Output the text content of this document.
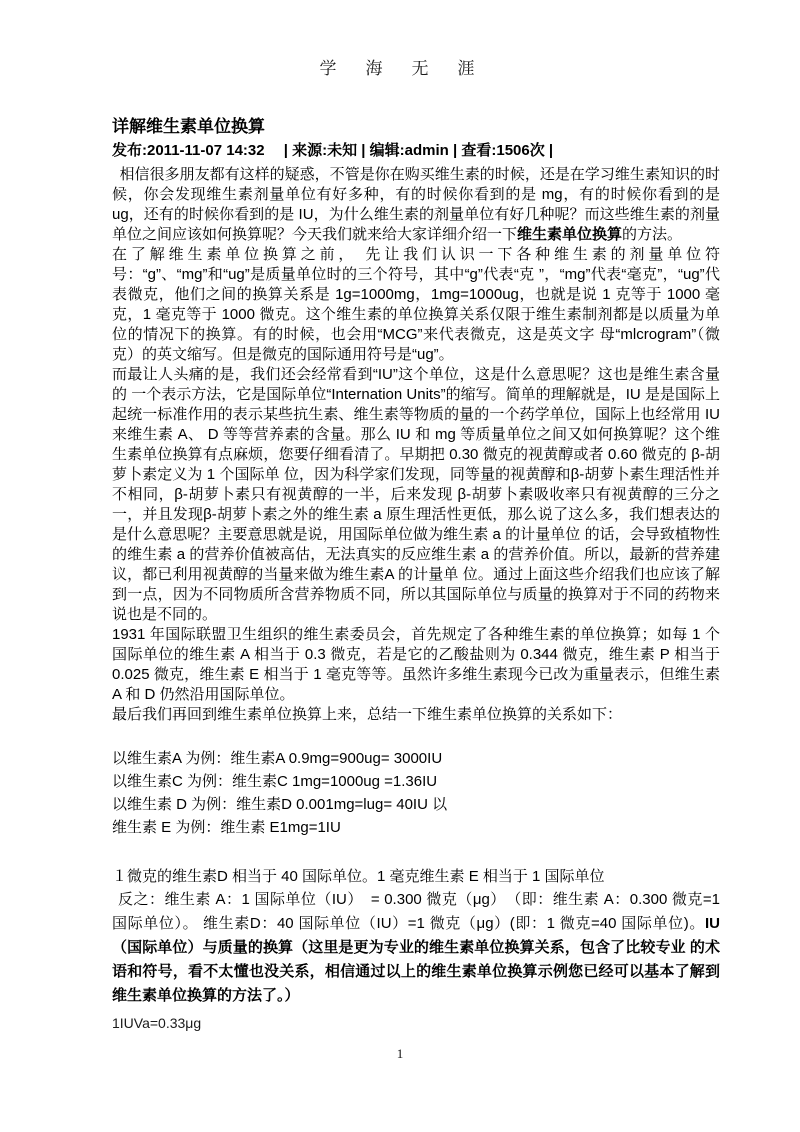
学　海　无　涯

详解维生素单位换算

发布:2011-11-07 14:32　 | 来源:未知 | 编辑:admin | 查看:1506次 |

相信很多朋友都有这样的疑惑，不管是你在购买维生素的时候，还是在学习维生素知识的时候，你会发现维生素剂量单位有好多种，有的时候你看到的是 mg，有的时候你看到的是ug，还有的时候你看到的是 IU，为什么维生素的剂量单位有好几种呢？而这些维生素的剂量单位之间应该如何换算呢？今天我们就来给大家详细介绍一下维生素单位换算的方法。

在了解维生素单位换算之前， 先让我们认识一下各种维生素的剂量单位符号：“g”、“mg”和“ug”是质量单位时的三个符号，其中“g”代表“克 ”，“mg”代表“毫克”，“ug”代表微克，他们之间的换算关系是 1g=1000mg，1mg=1000ug，也就是说 1 克等于 1000 毫克，1 毫克等于 1000 微克。这个维生素的单位换算关系仅限于维生素制剂都是以质量为单位的情况下的换算。有的时候，也会用“MCG”来代表微克，这是英文字 母“mlcrogram”（微克）的英文缩写。但是微克的国际通用符号是“ug”。

而最让人头痛的是，我们还会经常看到“IU”这个单位，这是什么意思呢？这也是维生素含量的 一个表示方法，它是国际单位“Internation Units”的缩写。简单的理解就是，IU 是是国际上起统一标准作用的表示某些抗生素、维生素等物质的量的一个药学单位，国际上也经常用 IU 来维生素 A、 D 等等营养素的含量。那么 IU 和 mg 等质量单位之间又如何换算呢？这个维生素单位换算有点麻烦，您要仔细看清了。早期把 0.30 微克的视黄醇或者 0.60 微克的 β-胡萝卜素定义为 1 个国际单 位，因为科学家们发现，同等量的视黄醇和β-胡萝卜素生理活性并不相同，β-胡萝卜素只有视黄醇的一半，后来发现 β-胡萝卜素吸收率只有视黄醇的三分之 一，并且发现β-胡萝卜素之外的维生素 a 原生理活性更低，那么说了这么多，我们想表达的是什么意思呢？主要意思就是说，用国际单位做为维生素 a 的计量单位 的话，会导致植物性的维生素 a 的营养价值被高估，无法真实的反应维生素 a 的营养价值。所以，最新的营养建议，都已利用视黄醇的当量来做为维生素A 的计量单 位。通过上面这些介绍我们也应该了解到一点，因为不同物质所含营养物质不同，所以其国际单位与质量的换算对于不同的药物来说也是不同的。

1931 年国际联盟卫生组织的维生素委员会，首先规定了各种维生素的单位换算；如每 1 个国际单位的维生素 A 相当于 0.3 微克，若是它的乙酸盐则为 0.344 微克，维生素 P 相当于 0.025 微克，维生素 E 相当于 1 毫克等等。虽然许多维生素现今已改为重量表示，但维生素 A 和 D 仍然沿用国际单位。

最后我们再回到维生素单位换算上来，总结一下维生素单位换算的关系如下：

以维生素A 为例：维生素A 0.9mg=900ug= 3000IU

以维生素C 为例：维生素C 1mg=1000ug =1.36IU

以维生素 D 为例：维生素D 0.001mg=lug= 40IU 以

维生素 E 为例：维生素 E1mg=1IU

１微克的维生素D 相当于 40 国际单位。1 毫克维生素 E 相当于 1 国际单位

反之：维生素 A：1 国际单位（IU）　= 0.300 微克（μg）　（即：维生素 A：0.300 微克=1 国际单位）。 维生素D：40 国际单位（IU）=1 微克（μg）(即：1 微克=40 国际单位)。IU（国际单位）与质量的换算（这里是更为专业的维生素单位换算关系，包含了比较专业 的术语和符号，看不太懂也没关系，相信通过以上的维生素单位换算示例您已经可以基本了解到维生素单位换算的方法了。）

1IUVa=0.33μg

1
